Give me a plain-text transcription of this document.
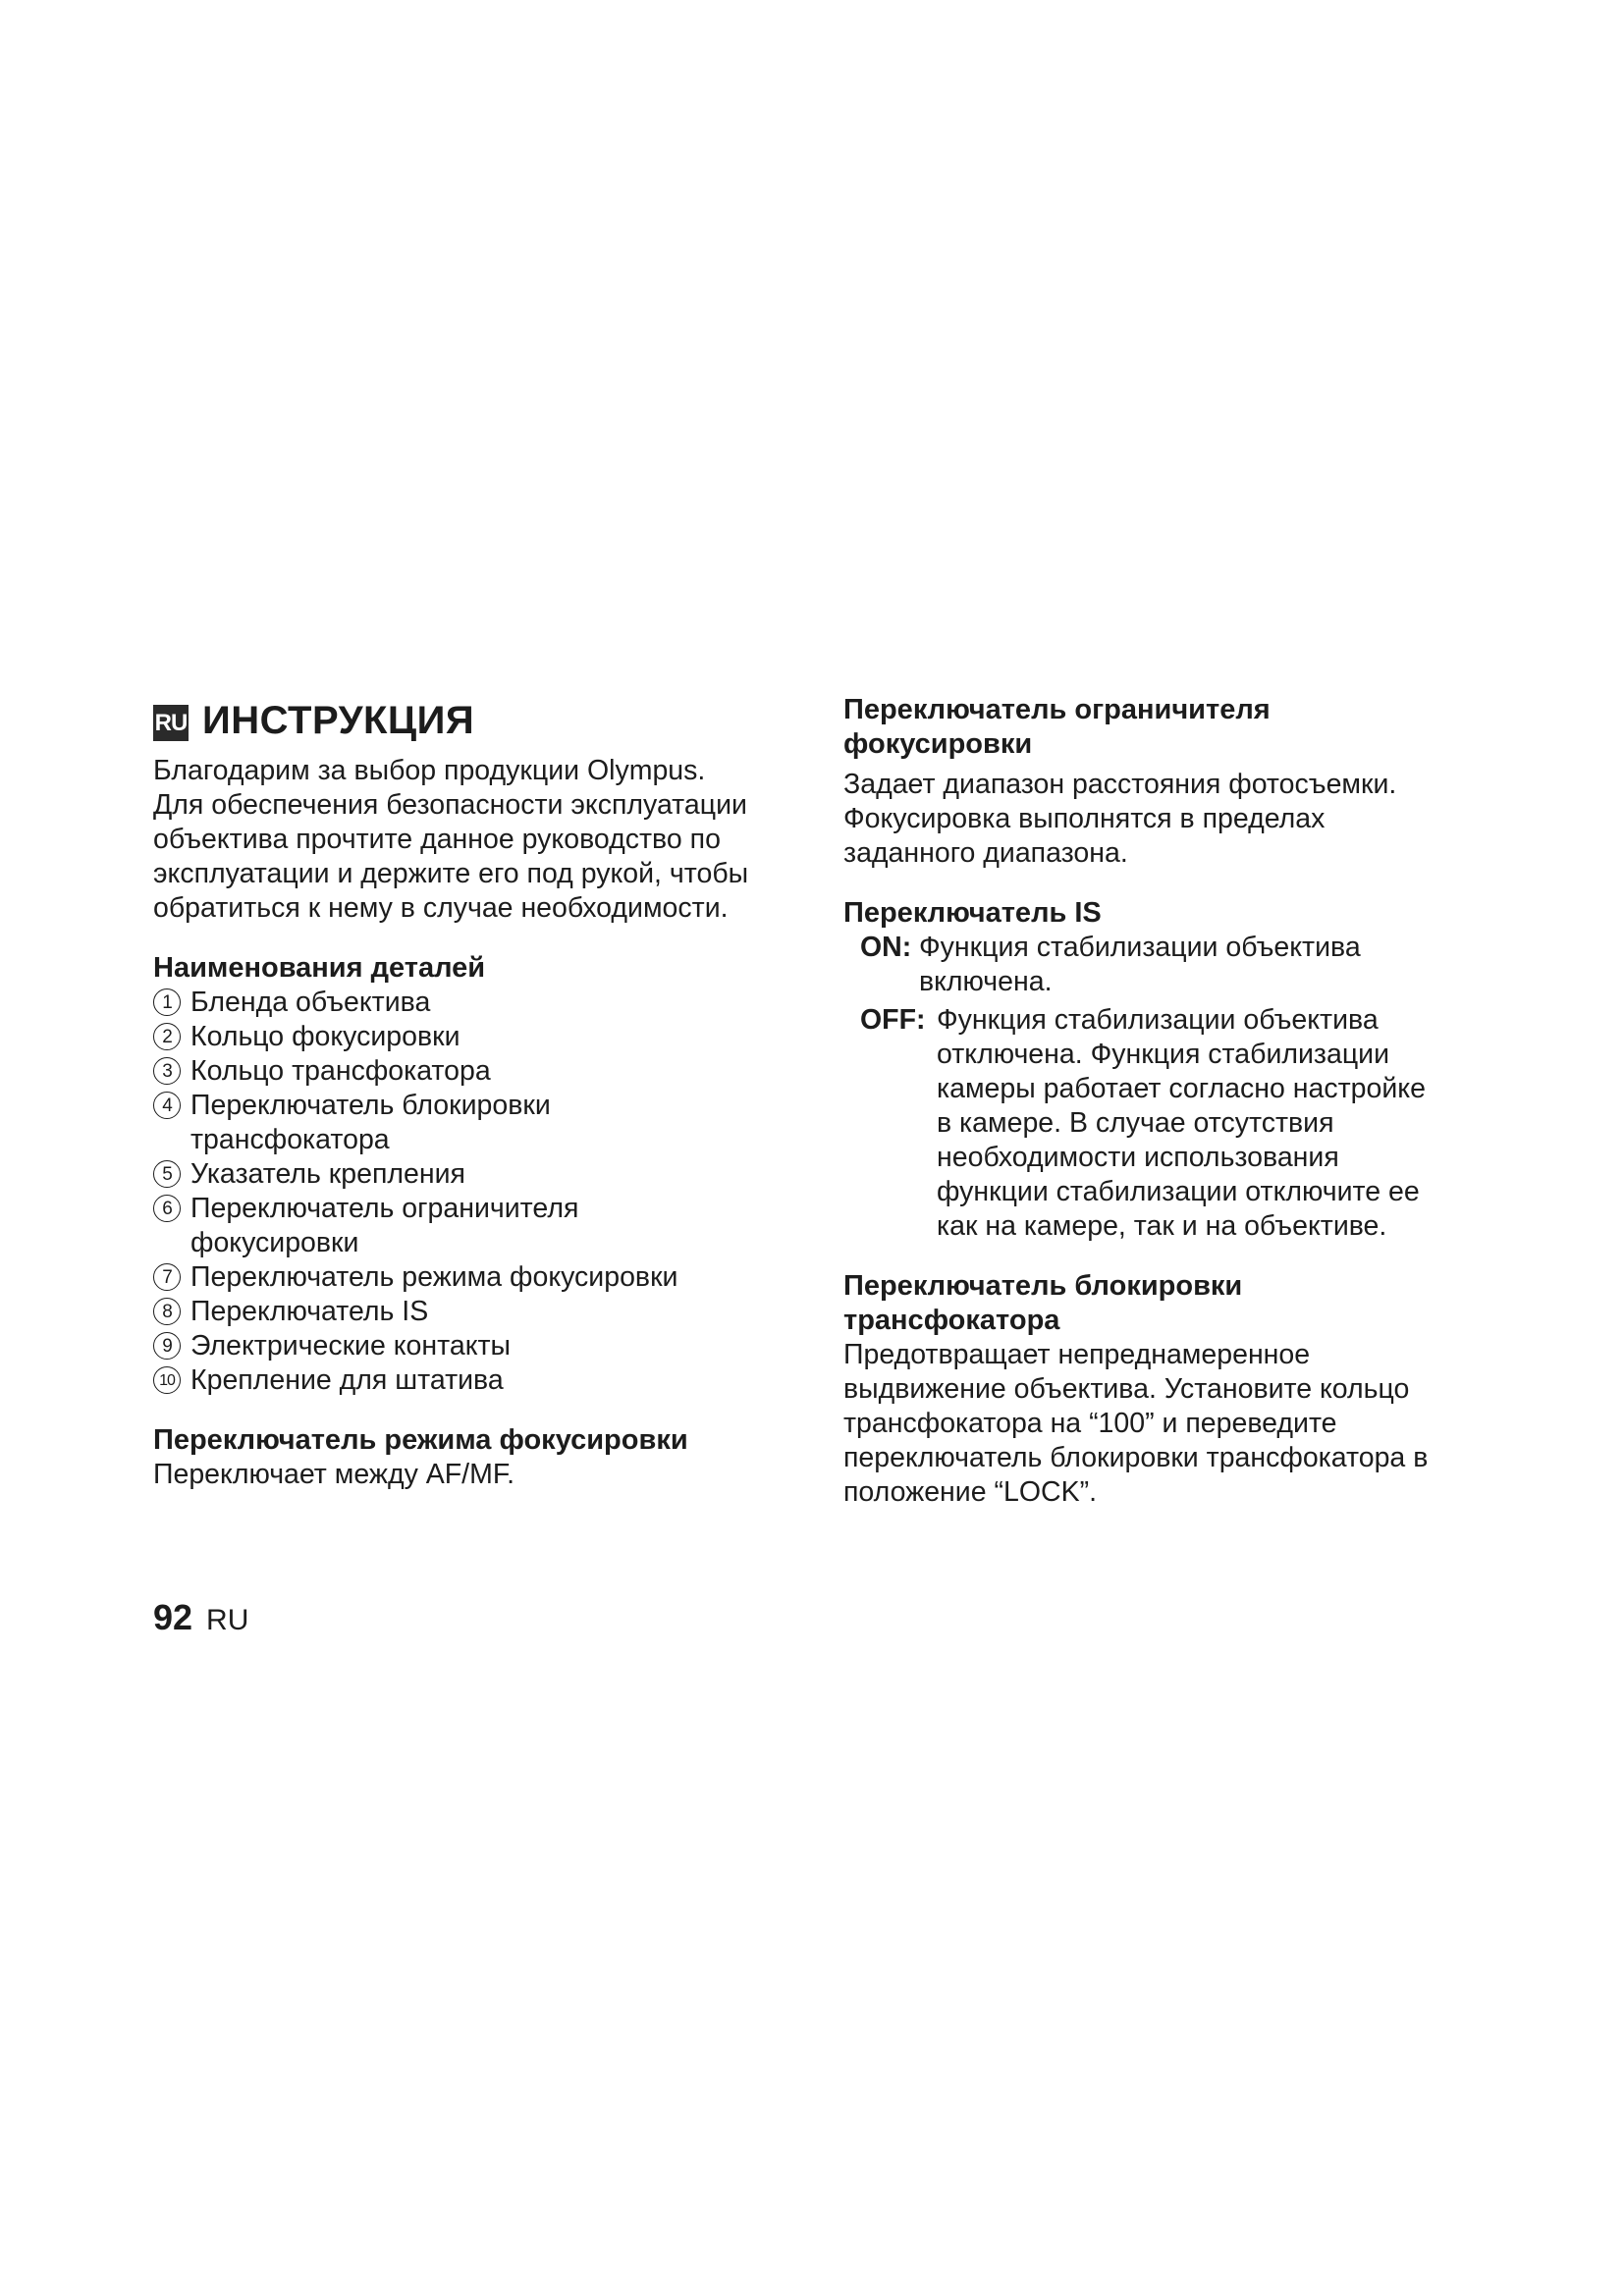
RU ИНСТРУКЦИЯ

Благодарим за выбор продукции Olympus.

Для обеспечения безопасности эксплуатации

объектива прочтите данное руководство по

эксплуатации и держите его под рукой, чтобы

обратиться к нему в случае необходимости.

Наименования деталей

1 Бленда объектива
2 Кольцо фокусировки
3 Кольцо трансфокатора
4 Переключатель блокировки
трансфокатора
5 Указатель крепления
6 Переключатель ограничителя
фокусировки
7 Переключатель режима фокусировки
8 Переключатель IS
9 Электрические контакты
10 Крепление для штатива

Переключатель режима фокусировки

Переключает между AF/MF.

Переключатель ограничителя

фокусировки

Задает диапазон расстояния фотосъемки.

Фокусировка выполнятся в пределах

заданного диапазона.

Переключатель IS

ON: Функция стабилизации объектива
включена.
OFF: Функция стабилизации объектива
отключена. Функция стабилизации
камеры работает согласно настройке
в камере. В случае отсутствия
необходимости использования
функции стабилизации отключите ее
как на камере, так и на объективе.

Переключатель блокировки

трансфокатора

Предотвращает непреднамеренное

выдвижение объектива. Установите кольцо

трансфокатора на “100” и переведите

переключатель блокировки трансфокатора в

положение “LOCK”.

92 RU
